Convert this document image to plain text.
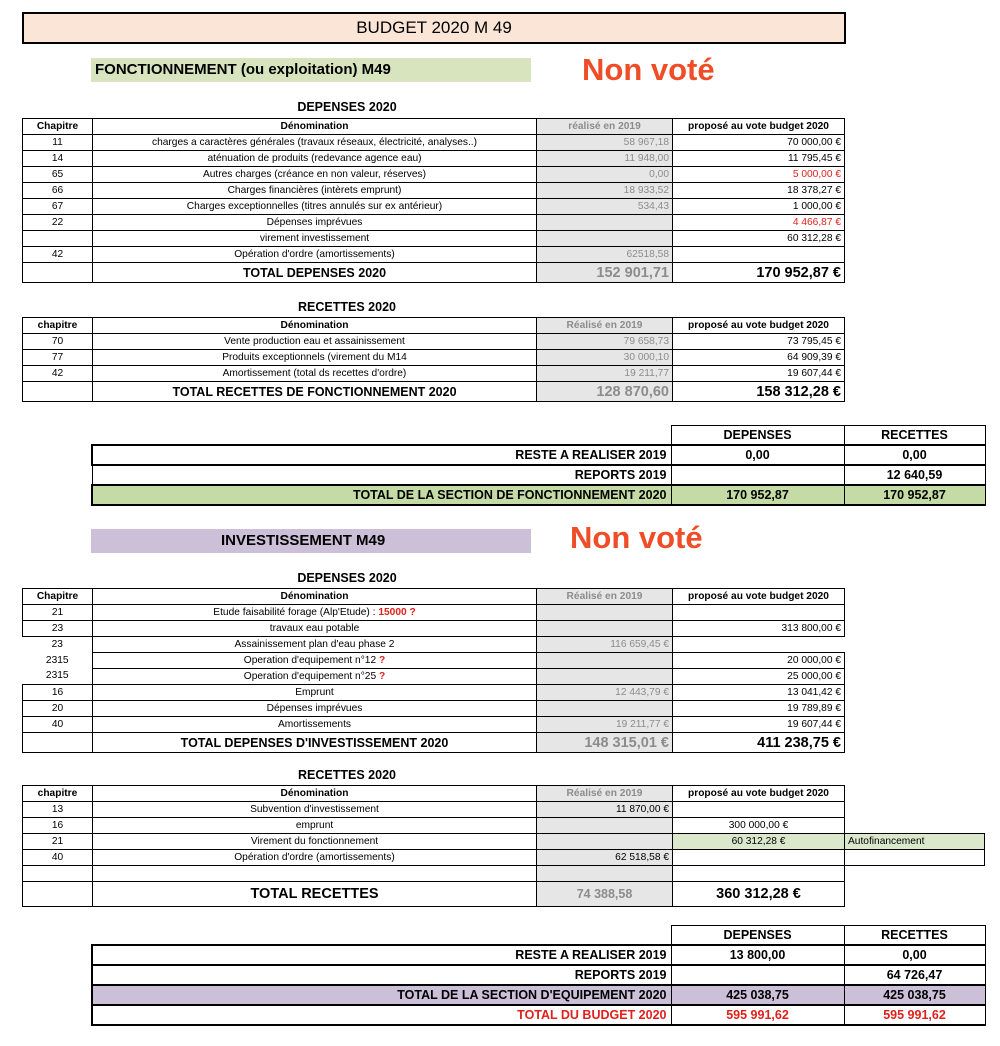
BUDGET 2020 M 49
FONCTIONNEMENT (ou exploitation) M49	Non voté
DEPENSES 2020
Chapitre	Dénomination	réalisé en 2019	proposé au vote budget 2020
11	charges a caractères générales (travaux réseaux, électricité, analyses..)	58 967,18	70 000,00 €
14	aténuation de produits (redevance agence eau)	11 948,00	11 795,45 €
65	Autres charges (créance en non valeur, réserves)	0,00	5 000,00 €
66	Charges financières (intèrets emprunt)	18 933,52	18 378,27 €
67	Charges exceptionnelles (titres annulés sur ex antérieur)	534,43	1 000,00 €
22	Dépenses imprévues		4 466,87 €
	virement investissement		60 312,28 €
42	Opération d'ordre (amortissements)	62518,58	
	TOTAL DEPENSES 2020	152 901,71	170 952,87 €
RECETTES 2020
chapitre	Dénomination	Réalisé en 2019	proposé au vote budget 2020
70	Vente production eau et assainissement	79 658,73	73 795,45 €
77	Produits exceptionnels (virement du M14	30 000,10	64 909,39 €
42	Amortissement (total ds recettes d'ordre)	19 211,77	19 607,44 €
	TOTAL RECETTES DE FONCTIONNEMENT 2020	128 870,60	158 312,28 €
	DEPENSES	RECETTES
RESTE A REALISER 2019	0,00	0,00
REPORTS 2019		12 640,59
TOTAL DE LA SECTION DE FONCTIONNEMENT 2020	170 952,87	170 952,87
INVESTISSEMENT M49	Non voté
DEPENSES 2020
Chapitre	Dénomination	Réalisé en 2019	proposé au vote budget 2020
21	Etude faisabilité forage (Alp'Etude) : 15000 ?		
23	travaux eau potable		313 800,00 €
23	Assainissement plan d'eau phase 2	116 659,45 €	
2315	Operation d'equipement n°12 ?		20 000,00 €
2315	Operation d'equipement n°25 ?		25 000,00 €
16	Emprunt	12 443,79 €	13 041,42 €
20	Dépenses imprévues		19 789,89 €
40	Amortissements	19 211,77 €	19 607,44 €
	TOTAL DEPENSES D'INVESTISSEMENT 2020	148 315,01 €	411 238,75 €
RECETTES 2020
chapitre	Dénomination	Réalisé en 2019	proposé au vote budget 2020	
13	Subvention d'investissement	11 870,00 €		
16	emprunt		300 000,00 €	
21	Virement du fonctionnement		60 312,28 €	Autofinancement
40	Opération d'ordre (amortissements)	62 518,58 €		

	TOTAL RECETTES	74 388,58	360 312,28 €	
	DEPENSES	RECETTES
RESTE A REALISER 2019	13 800,00	0,00
REPORTS 2019		64 726,47
TOTAL DE LA SECTION D'EQUIPEMENT 2020	425 038,75	425 038,75
TOTAL DU BUDGET 2020	595 991,62	595 991,62
